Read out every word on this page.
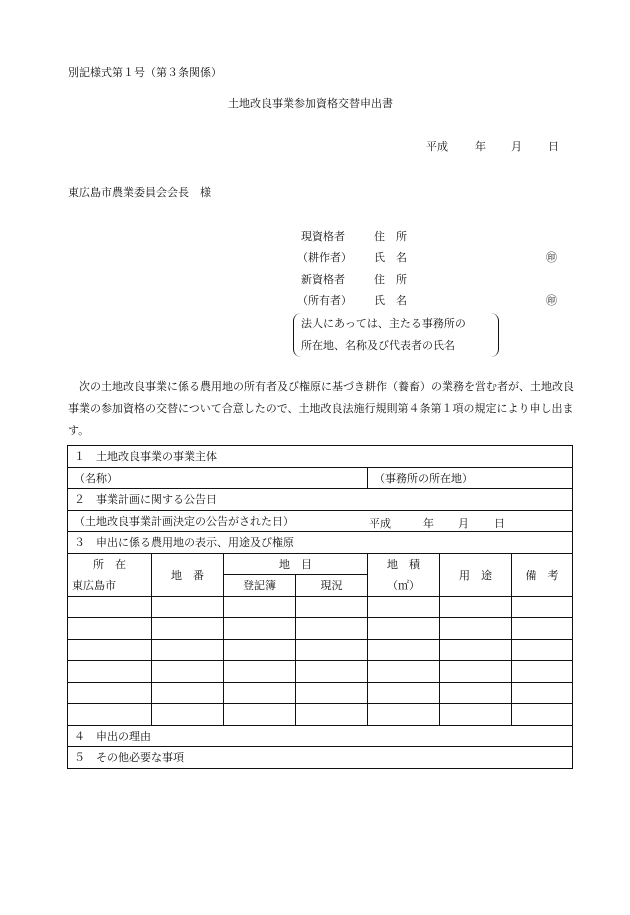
別記様式第１号（第３条関係）
土地改良事業参加資格交替申出書
平成 年 月 日
東広島市農業委員会会長　様
現資格者	住　所
（耕作者） 氏　名	㊞
新資格者	住　所
（所有者） 氏　名	㊞
法人にあっては、主たる事務所の
所在地、名称及び代表者の氏名
次の土地改良事業に係る農用地の所有者及び権原に基づき耕作（養畜）の業務を営む者が、土地改良事業の参加資格の交替について合意したので、土地改良法施行規則第４条第１項の規定により申し出ます。
１　土地改良事業の事業主体						
（名称）				（事務所の所在地）		
２　事業計画に関する公告日						
（土地改良事業計画決定の公告がされた日） 平成 年 月 日						

３　申出に係る農用地の表示、用途及び権原						
所　在	地　番	地　目		地　積	用　途	備　考
東広島市		登記簿	現況	（㎡）		

４　申出の理由						
５　その他必要な事項						
